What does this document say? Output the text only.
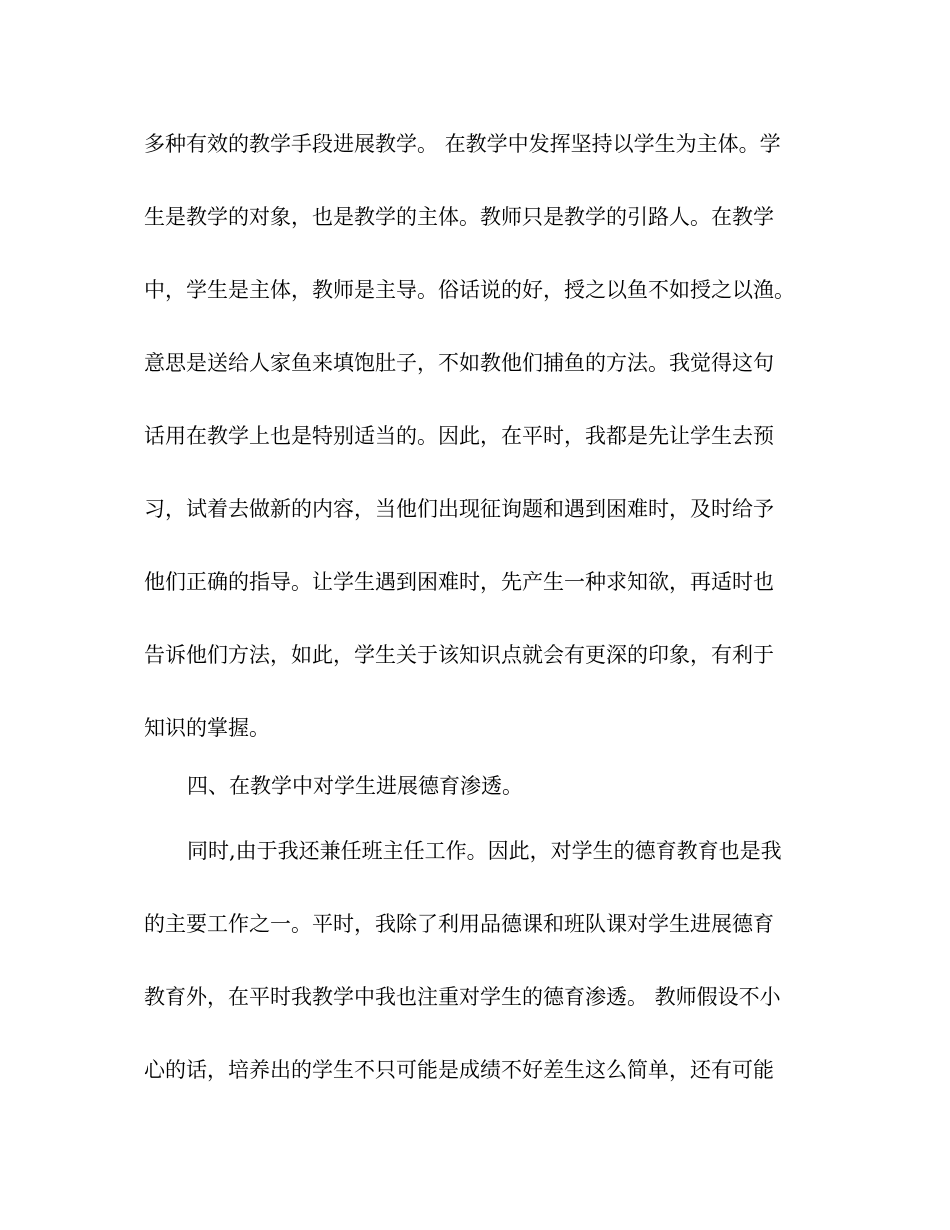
多种有效的教学手段进展教学。 在教学中发挥坚持以学生为主体。学
生是教学的对象，也是教学的主体。教师只是教学的引路人。在教学
中，学生是主体，教师是主导。俗话说的好，授之以鱼不如授之以渔。
意思是送给人家鱼来填饱肚子，不如教他们捕鱼的方法。我觉得这句
话用在教学上也是特别适当的。因此，在平时，我都是先让学生去预
习，试着去做新的内容，当他们出现征询题和遇到困难时，及时给予
他们正确的指导。让学生遇到困难时，先产生一种求知欲，再适时也
告诉他们方法，如此，学生关于该知识点就会有更深的印象，有利于
知识的掌握。
四、在教学中对学生进展德育渗透。
同时,由于我还兼任班主任工作。因此，对学生的德育教育也是我
的主要工作之一。平时，我除了利用品德课和班队课对学生进展德育
教育外，在平时我教学中我也注重对学生的德育渗透。 教师假设不小
心的话，培养出的学生不只可能是成绩不好差生这么简单，还有可能
